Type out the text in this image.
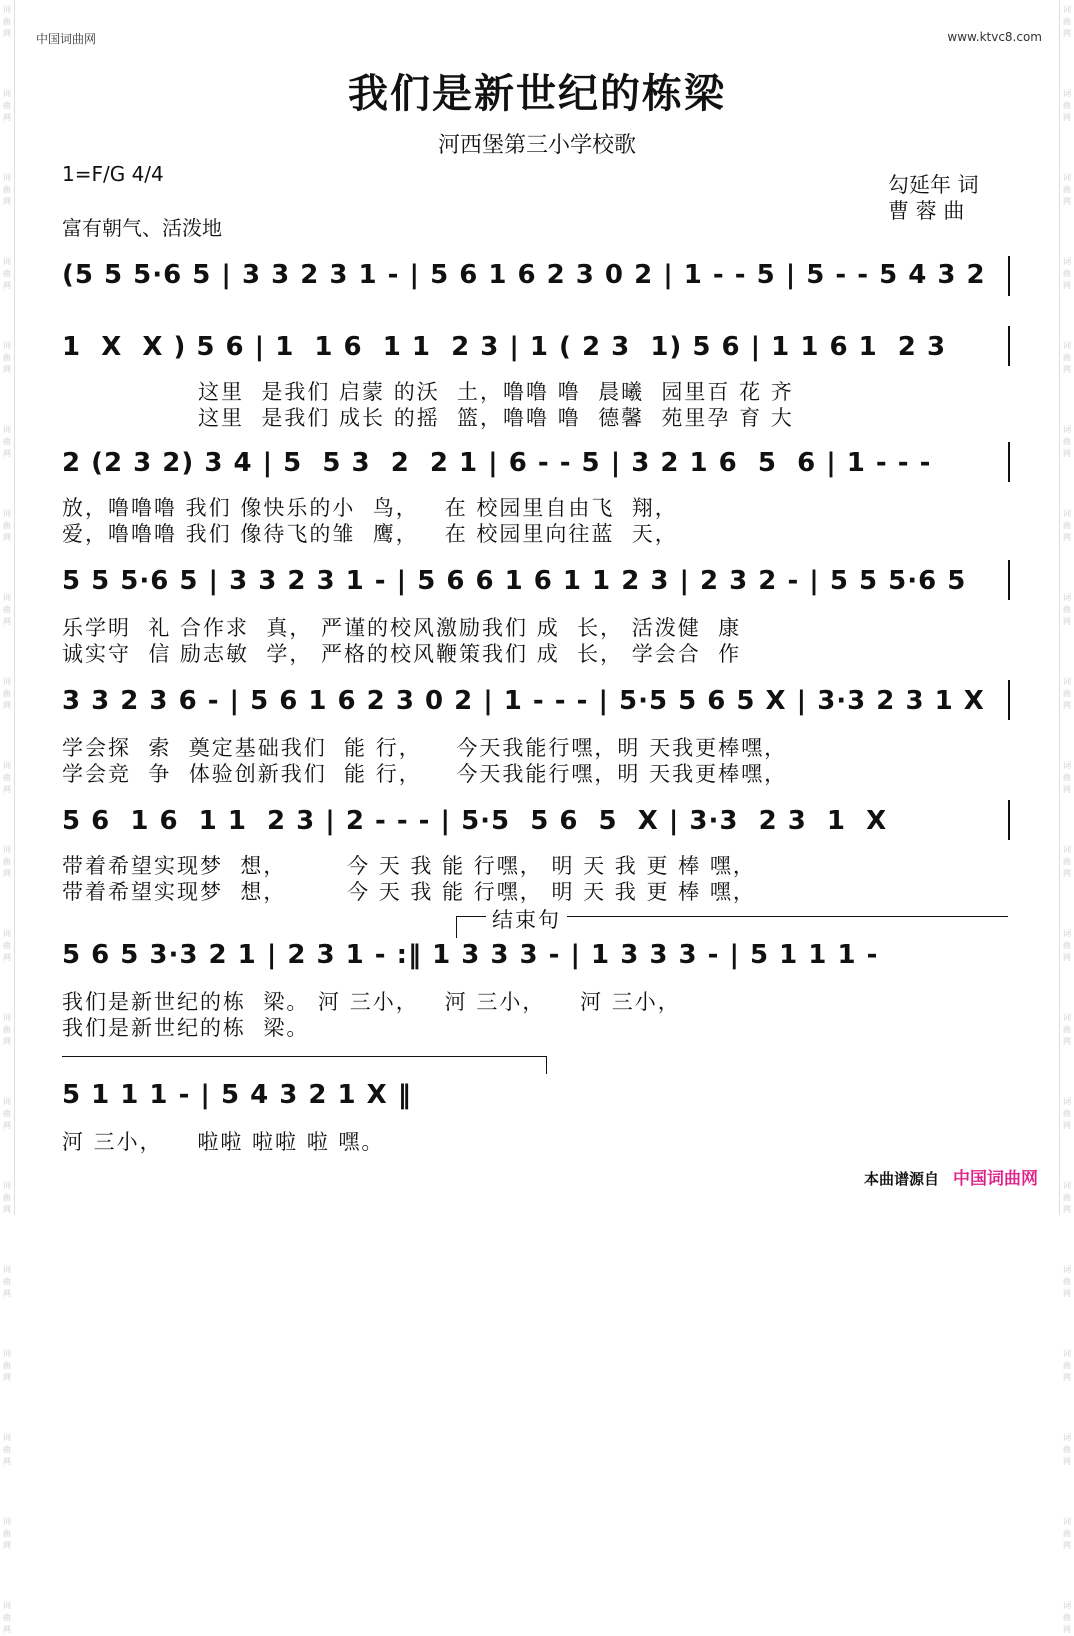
词曲网
词曲网
词曲网
词曲网
词曲网
词曲网
词曲网
词曲网
词曲网
词曲网
词曲网
词曲网
词曲网
词曲网
词曲网
词曲网
词曲网
词曲网
词曲网
词曲网
词曲网
词曲网
词曲网
词曲网
词曲网
词曲网
词曲网
词曲网
词曲网
词曲网
词曲网
词曲网
词曲网
词曲网
词曲网
词曲网
词曲网
词曲网
词曲网
词曲网
中国词曲网	www.ktvc8.com
我们是新世纪的栋梁
河西堡第三小学校歌
1=F/G 4/4
富有朝气、活泼地
勾延年 词
曹 蓉 曲
(5 5 5·6 5 | 3 3 2 3 1 - | 5 6 1 6 2 3 0 2 | 1 - - 5 | 5 - - 5 4 3 2
1  X  X ) 5 6 | 1  1 6  1 1  2 3 | 1 ( 2 3  1) 5 6 | 1 1 6 1  2 3
这里  是我们 启蒙 的沃  土，噜噜 噜  晨曦  园里百 花 齐
这里  是我们 成长 的摇  篮，噜噜 噜  德馨  苑里孕 育 大
2 (2 3 2) 3 4 | 5  5 3  2  2 1 | 6 - - 5 | 3 2 1 6  5  6 | 1 - - -
放，噜噜噜 我们 像快乐的小  鸟，   在 校园里自由飞  翔，
爱，噜噜噜 我们 像待飞的雏  鹰，   在 校园里向往蓝  天，
5 5 5·6 5 | 3 3 2 3 1 - | 5 6 6 1 6 1 1 2 3 | 2 3 2 - | 5 5 5·6 5
乐学明  礼 合作求  真， 严谨的校风激励我们 成  长， 活泼健  康
诚实守  信 励志敏  学， 严格的校风鞭策我们 成  长， 学会合  作
3 3 2 3 6 - | 5 6 1 6 2 3 0 2 | 1 - - - | 5·5 5 6 5 X | 3·3 2 3 1 X
学会探  索  奠定基础我们  能 行，    今天我能行嘿，明 天我更棒嘿，
学会竞  争  体验创新我们  能 行，    今天我能行嘿，明 天我更棒嘿，
5 6  1 6  1 1  2 3 | 2 - - - | 5·5  5 6  5  X | 3·3  2 3  1  X
带着希望实现梦  想，       今 天 我 能 行嘿， 明 天 我 更 棒 嘿，
带着希望实现梦  想，       今 天 我 能 行嘿， 明 天 我 更 棒 嘿，
结束句
5 6 5 3·3 2 1 | 2 3 1 - :‖ 1 3 3 3 - | 1 3 3 3 - | 5 1 1 1 -
我们是新世纪的栋  梁。 河 三小，   河 三小，    河 三小，
我们是新世纪的栋  梁。
5 1 1 1 - | 5 4 3 2 1 X ‖
河 三小，    啦啦 啦啦 啦 嘿。
本曲谱源自 中国词曲网
